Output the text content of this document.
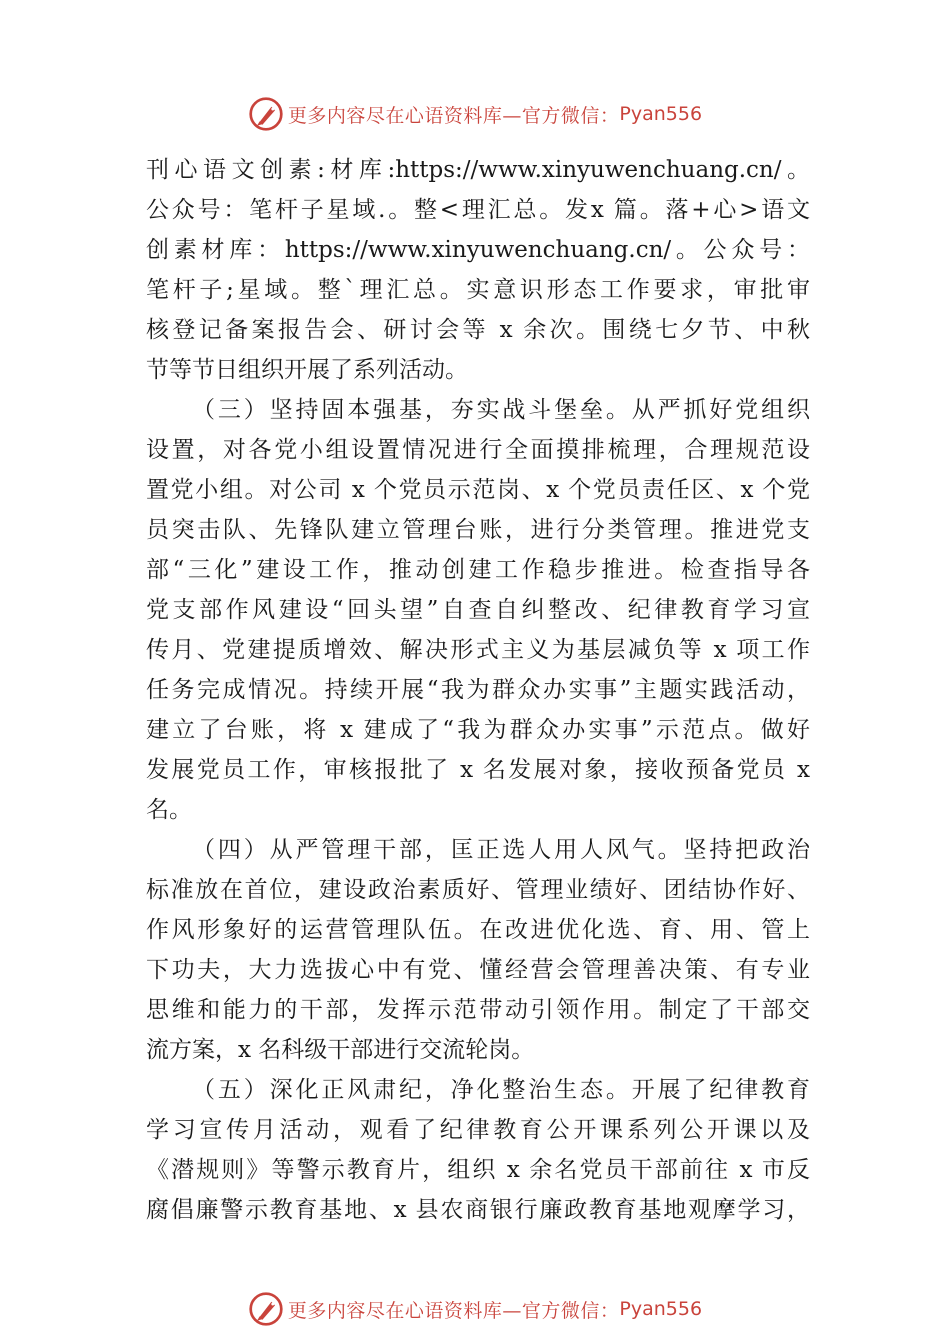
更多内容尽在心语资料库—官方微信： Pyan556
刊心语文创素:材库:https://www.xinyuwenchuang.cn/。
公众号：笔杆子星域.。整<理汇总。发x 篇。落+心>语文
创素材库：https://www.xinyuwenchuang.cn/。公众号：
笔杆子;星域。整`理汇总。实意识形态工作要求，审批审
核登记备案报告会、研讨会等 x 余次。围绕七夕节、中秋
节等节日组织开展了系列活动。
（三）坚持固本强基，夯实战斗堡垒。从严抓好党组织
设置，对各党小组设置情况进行全面摸排梳理，合理规范设
置党小组。对公司 x 个党员示范岗、x 个党员责任区、x 个党
员突击队、先锋队建立管理台账，进行分类管理。推进党支
部“三化”建设工作，推动创建工作稳步推进。检查指导各
党支部作风建设“回头望”自查自纠整改、纪律教育学习宣
传月、党建提质增效、解决形式主义为基层减负等 x 项工作
任务完成情况。持续开展“我为群众办实事”主题实践活动，
建立了台账，将 x 建成了“我为群众办实事”示范点。做好
发展党员工作，审核报批了 x 名发展对象，接收预备党员 x
名。
（四）从严管理干部，匡正选人用人风气。坚持把政治
标准放在首位，建设政治素质好、管理业绩好、团结协作好、
作风形象好的运营管理队伍。在改进优化选、育、用、管上
下功夫，大力选拔心中有党、懂经营会管理善决策、有专业
思维和能力的干部，发挥示范带动引领作用。制定了干部交
流方案，x 名科级干部进行交流轮岗。
（五）深化正风肃纪，净化整治生态。开展了纪律教育
学习宣传月活动，观看了纪律教育公开课系列公开课以及
《潜规则》等警示教育片，组织 x 余名党员干部前往 x 市反
腐倡廉警示教育基地、x 县农商银行廉政教育基地观摩学习，
更多内容尽在心语资料库—官方微信： Pyan556
